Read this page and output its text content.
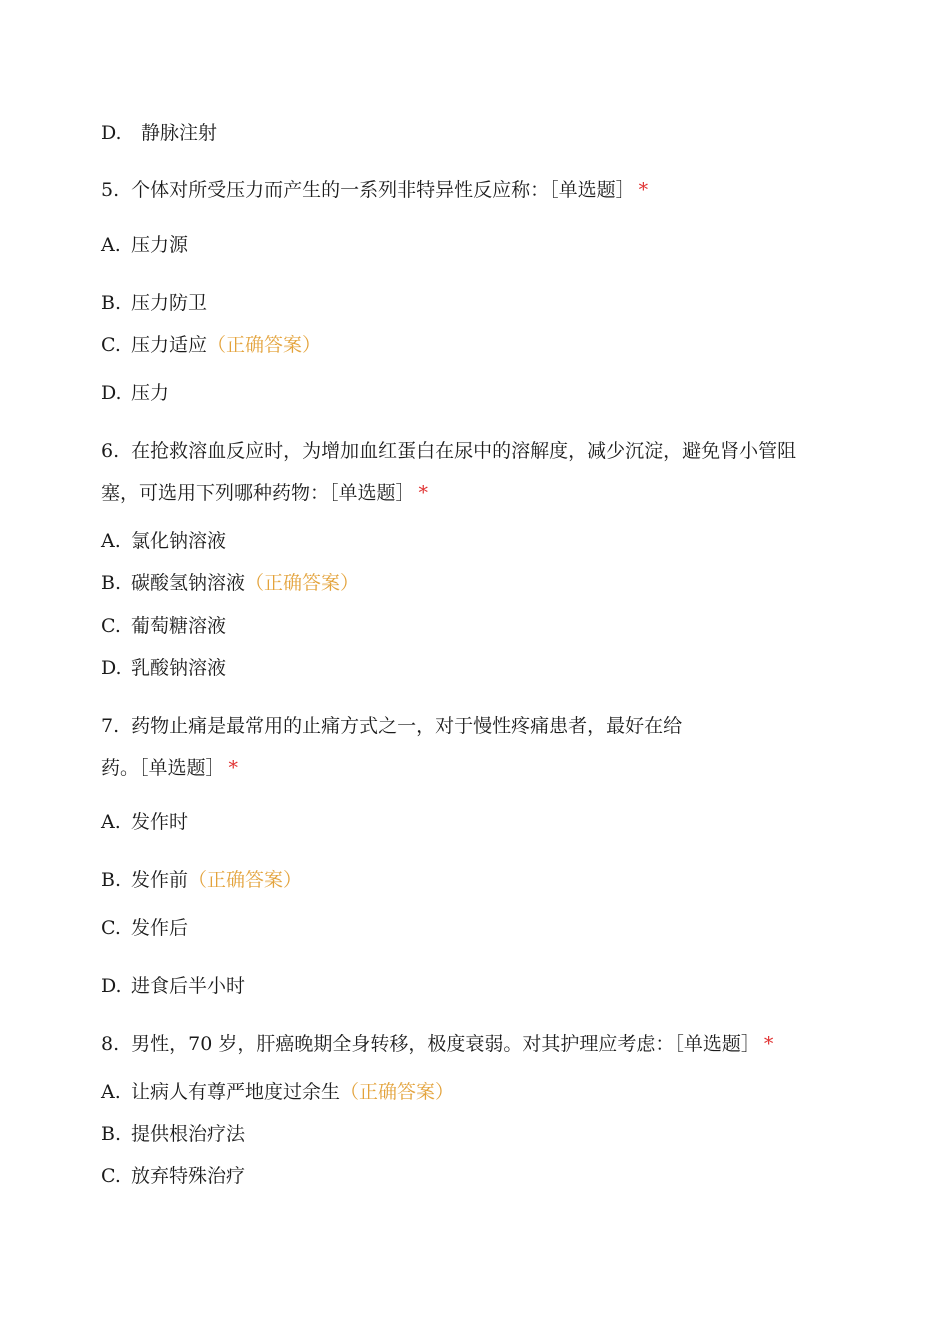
D. 静脉注射
5. 个体对所受压力而产生的一系列非特异性反应称：［单选题］ *
A. 压力源
B. 压力防卫
C. 压力适应（正确答案）
D. 压力
6. 在抢救溶血反应时，为增加血红蛋白在尿中的溶解度，减少沉淀，避免肾小管阻
塞，可选用下列哪种药物：［单选题］ *
A. 氯化钠溶液
B. 碳酸氢钠溶液（正确答案）
C. 葡萄糖溶液
D. 乳酸钠溶液
7. 药物止痛是最常用的止痛方式之一，对于慢性疼痛患者，最好在给
药。［单选题］ *
A. 发作时
B. 发作前（正确答案）
C. 发作后
D. 进食后半小时
8. 男性，70 岁，肝癌晚期全身转移，极度衰弱。对其护理应考虑：［单选题］ *
A. 让病人有尊严地度过余生（正确答案）
B. 提供根治疗法
C. 放弃特殊治疗
